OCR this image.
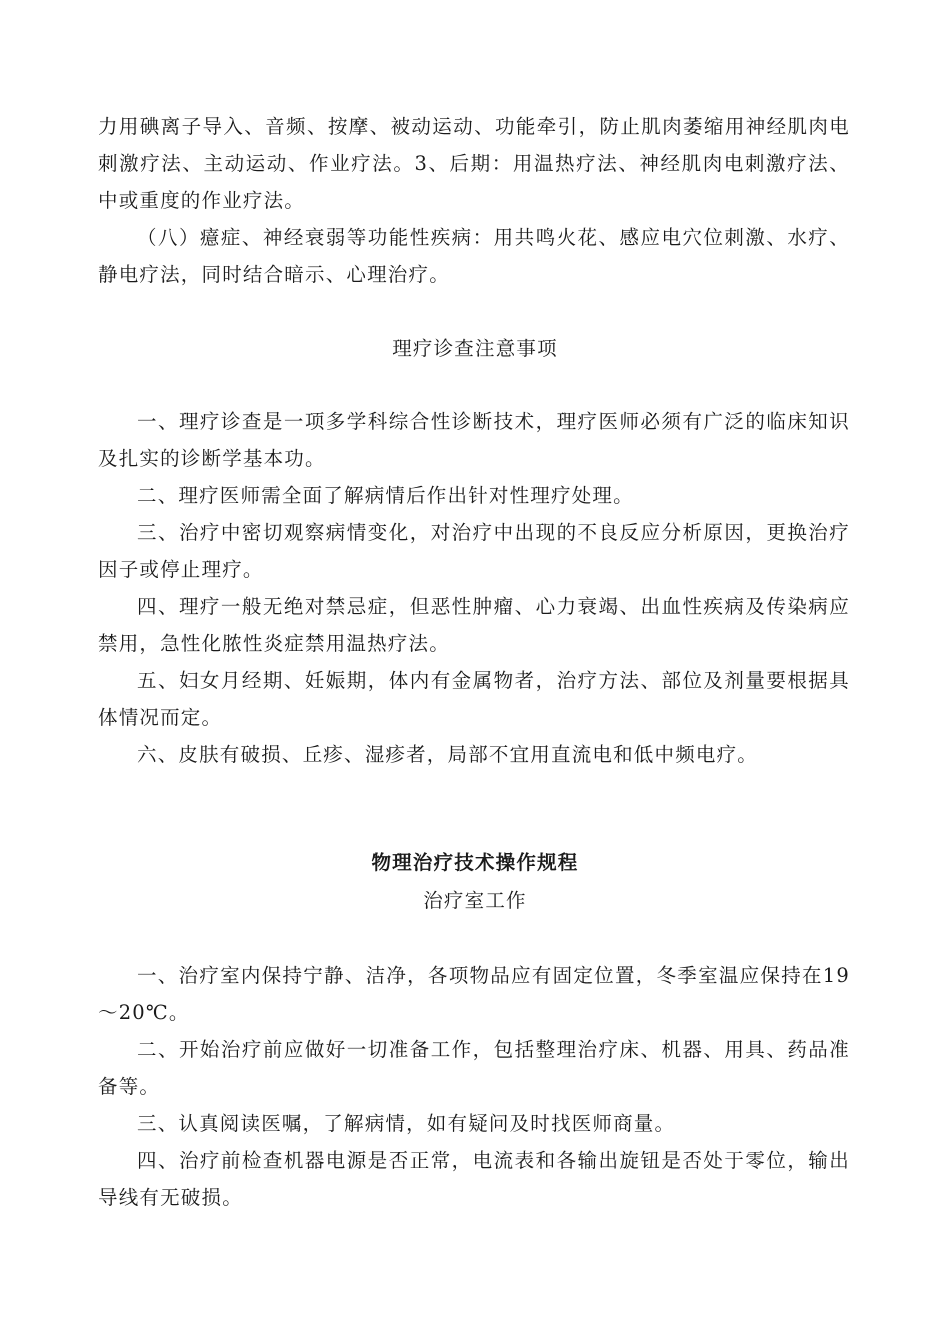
力用碘离子导入、音频、按摩、被动运动、功能牵引，防止肌肉萎缩用神经肌肉电刺激疗法、主动运动、作业疗法。3、后期：用温热疗法、神经肌肉电刺激疗法、中或重度的作业疗法。

（八）癔症、神经衰弱等功能性疾病：用共鸣火花、感应电穴位刺激、水疗、静电疗法，同时结合暗示、心理治疗。

理疗诊查注意事项

一、理疗诊查是一项多学科综合性诊断技术，理疗医师必须有广泛的临床知识及扎实的诊断学基本功。

二、理疗医师需全面了解病情后作出针对性理疗处理。

三、治疗中密切观察病情变化，对治疗中出现的不良反应分析原因，更换治疗因子或停止理疗。

四、理疗一般无绝对禁忌症，但恶性肿瘤、心力衰竭、出血性疾病及传染病应禁用，急性化脓性炎症禁用温热疗法。

五、妇女月经期、妊娠期，体内有金属物者，治疗方法、部位及剂量要根据具体情况而定。

六、皮肤有破损、丘疹、湿疹者，局部不宜用直流电和低中频电疗。

物理治疗技术操作规程
治疗室工作

一、治疗室内保持宁静、洁净，各项物品应有固定位置，冬季室温应保持在19～20℃。

二、开始治疗前应做好一切准备工作，包括整理治疗床、机器、用具、药品准备等。

三、认真阅读医嘱，了解病情，如有疑问及时找医师商量。

四、治疗前检查机器电源是否正常，电流表和各输出旋钮是否处于零位，输出导线有无破损。
